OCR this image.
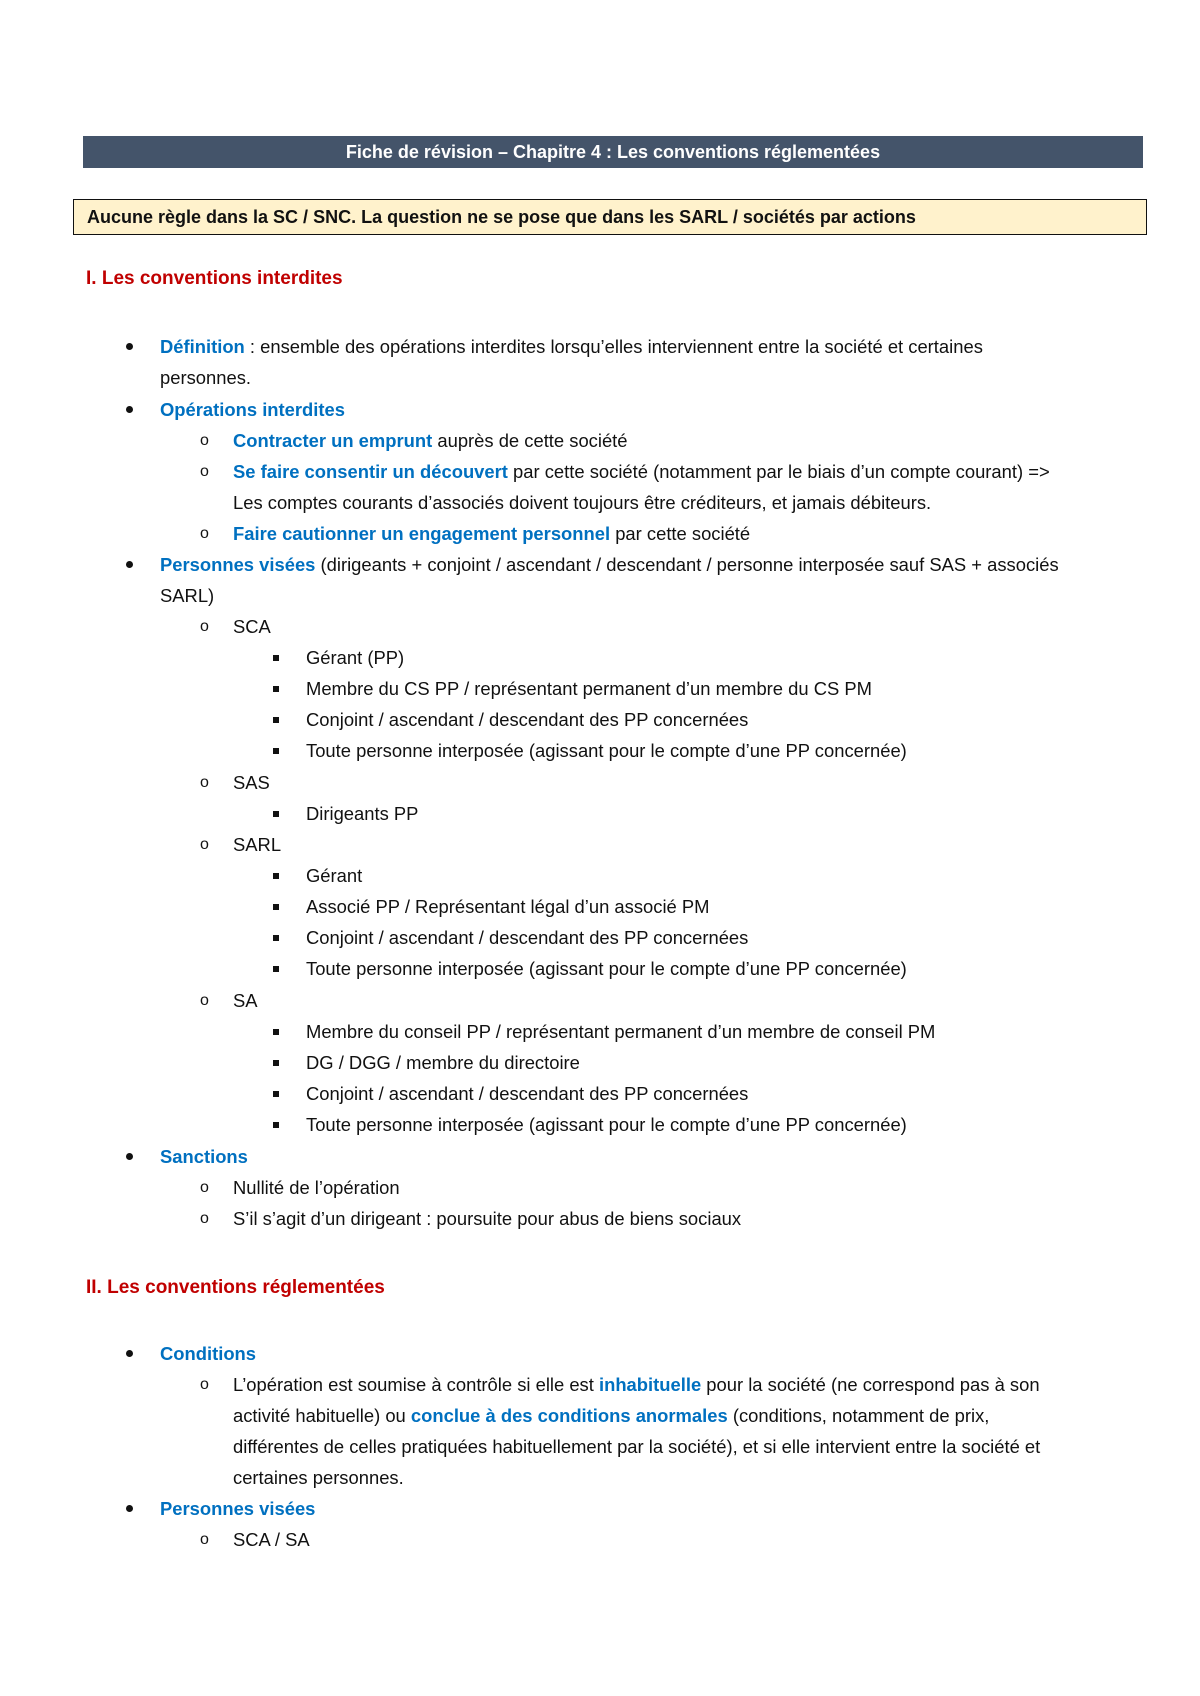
Fiche de révision – Chapitre 4 : Les conventions réglementées
Aucune règle dans la SC / SNC. La question ne se pose que dans les SARL / sociétés par actions
I. Les conventions interdites
Définition : ensemble des opérations interdites lorsqu’elles interviennent entre la société et certaines
personnes.
Opérations interdites
o Contracter un emprunt auprès de cette société
o Se faire consentir un découvert par cette société (notamment par le biais d’un compte courant) =>
Les comptes courants d’associés doivent toujours être créditeurs, et jamais débiteurs.
o Faire cautionner un engagement personnel par cette société
Personnes visées (dirigeants + conjoint / ascendant / descendant / personne interposée sauf SAS + associés
SARL)
o SCA
Gérant (PP)
Membre du CS PP / représentant permanent d’un membre du CS PM
Conjoint / ascendant / descendant des PP concernées
Toute personne interposée (agissant pour le compte d’une PP concernée)
o SAS
Dirigeants PP
o SARL
Gérant
Associé PP / Représentant légal d’un associé PM
Conjoint / ascendant / descendant des PP concernées
Toute personne interposée (agissant pour le compte d’une PP concernée)
o SA
Membre du conseil PP / représentant permanent d’un membre de conseil PM
DG / DGG / membre du directoire
Conjoint / ascendant / descendant des PP concernées
Toute personne interposée (agissant pour le compte d’une PP concernée)
Sanctions
o Nullité de l’opération
o S’il s’agit d’un dirigeant : poursuite pour abus de biens sociaux
II. Les conventions réglementées
Conditions
o L’opération est soumise à contrôle si elle est inhabituelle pour la société (ne correspond pas à son
activité habituelle) ou conclue à des conditions anormales (conditions, notamment de prix,
différentes de celles pratiquées habituellement par la société), et si elle intervient entre la société et
certaines personnes.
Personnes visées
o SCA / SA
